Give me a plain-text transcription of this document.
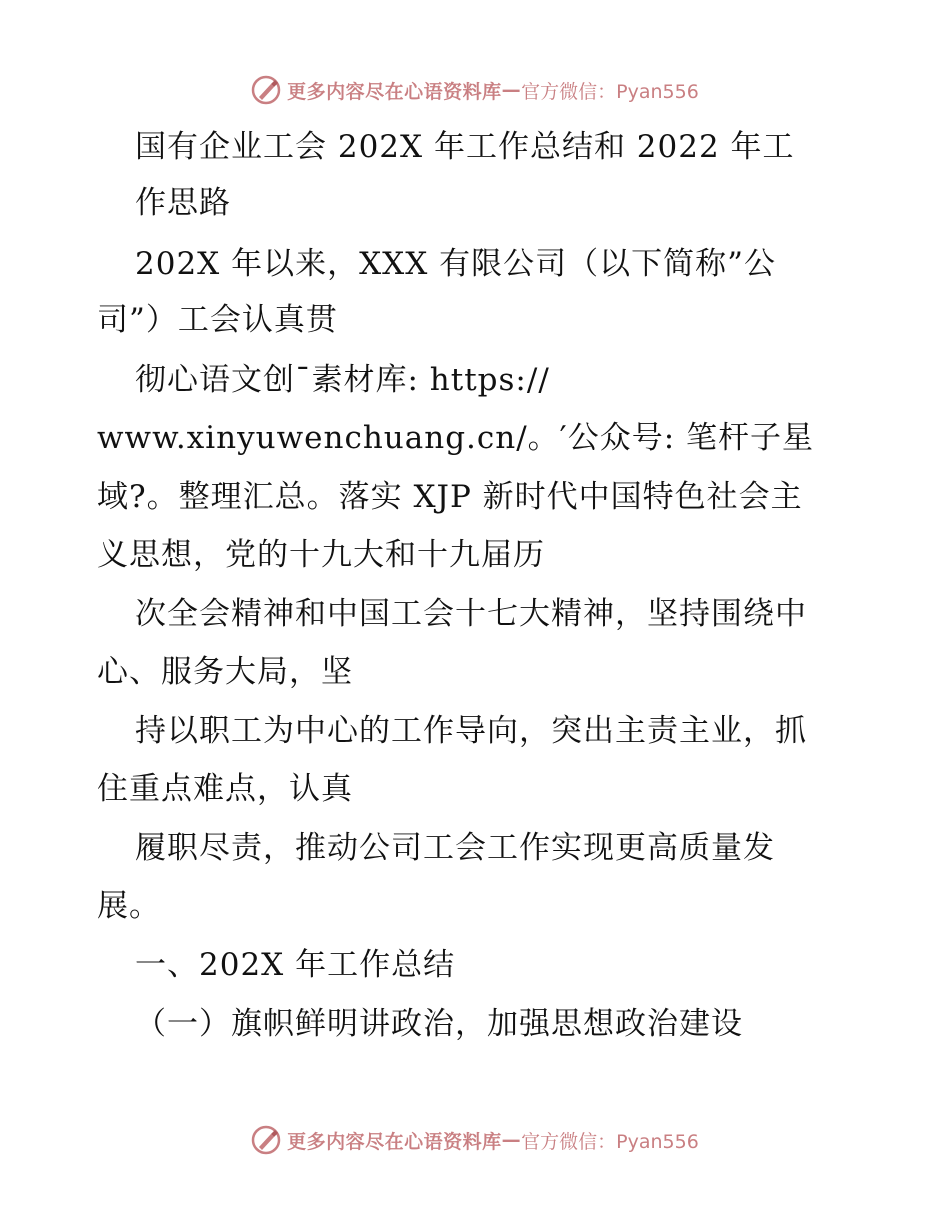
更多内容尽在心语资料库 — 官方微信：Pyan556
国有企业工会 202X 年工作总结和 2022 年工
作思路
202X 年以来，XXX 有限公司（以下简称”公
司”）工会认真贯
彻心语文创¯素材库: https://
www.xinyuwenchuang.cn/。′公众号: 笔杆子星
域?。整理汇总。落实 XJP 新时代中国特色社会主
义思想，党的十九大和十九届历
次全会精神和中国工会十七大精神，坚持围绕中
心、服务大局，坚
持以职工为中心的工作导向，突出主责主业，抓
住重点难点，认真
履职尽责，推动公司工会工作实现更高质量发
展。
一、202X 年工作总结
（一）旗帜鲜明讲政治，加强思想政治建设
更多内容尽在心语资料库 — 官方微信：Pyan556
